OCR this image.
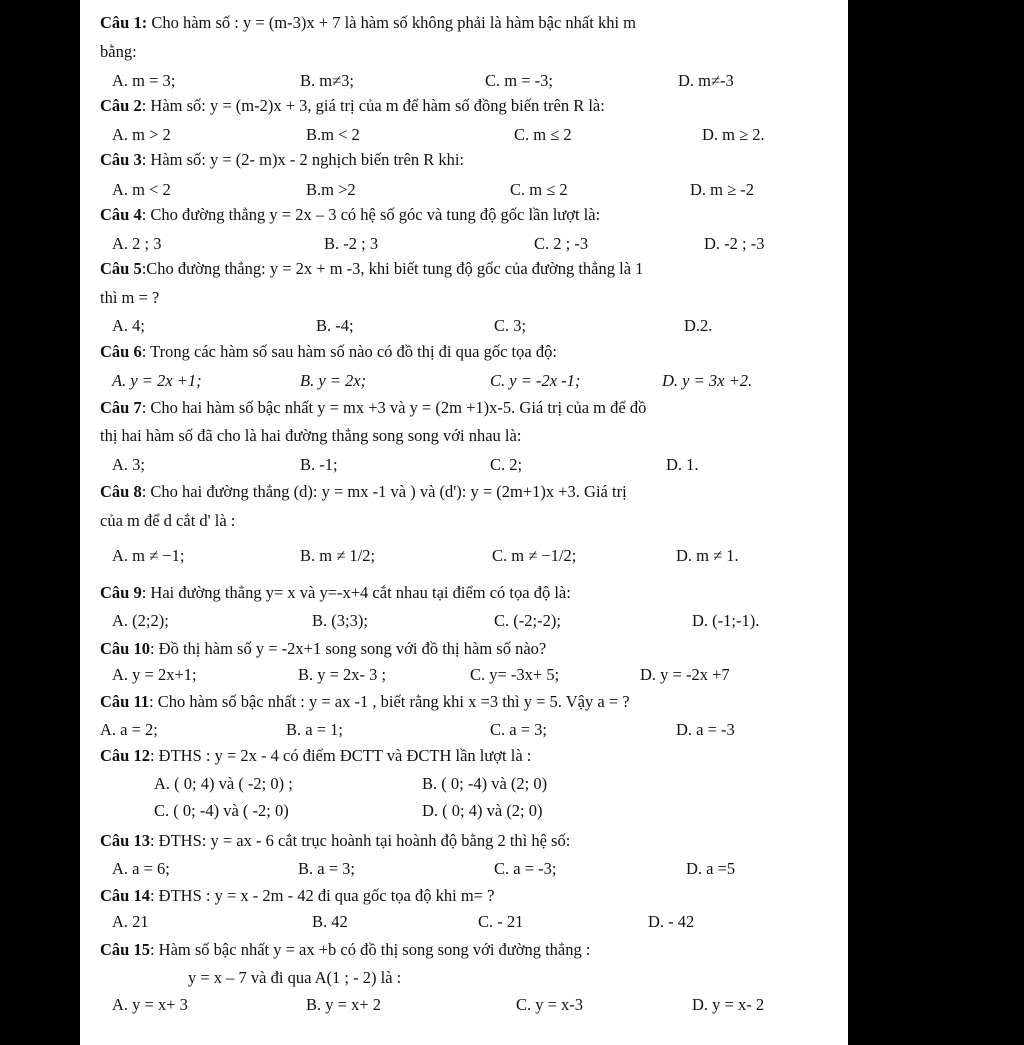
Câu 1: Cho hàm số : y = (m-3)x + 7 là hàm số không phải là hàm bậc nhất khi m
bằng:
A. m = 3;	B. m≠3;	C. m = -3;	D. m≠-3
Câu 2: Hàm số: y = (m-2)x + 3, giá trị của m để hàm số đồng biến trên R là:
A. m > 2	B.m < 2	C. m ≤ 2	D. m ≥ 2.
Câu 3: Hàm số: y = (2- m)x - 2 nghịch biến trên R khi:
A. m < 2	B.m >2	C. m ≤ 2	D. m ≥ -2
Câu 4: Cho đường thẳng y = 2x – 3 có hệ số góc và tung độ gốc lần lượt là:
A. 2 ; 3	B. -2 ; 3	C. 2 ; -3	D. -2 ; -3
Câu 5:Cho đường thẳng: y = 2x + m -3, khi biết tung độ gốc của đường thẳng là 1
thì m = ?
A. 4;	B. -4;	C. 3;	D.2.
Câu 6: Trong các hàm số sau hàm số nào có đồ thị đi qua gốc tọa độ:
A. y = 2x +1;	B. y = 2x;	C. y = -2x -1;	D. y = 3x +2.
Câu 7: Cho hai hàm số bậc nhất y = mx +3 và y = (2m +1)x-5. Giá trị của m để đồ
thị hai hàm số đã cho là hai đường thẳng song song với nhau là:
A. 3;	B. -1;	C. 2;	D. 1.
Câu 8: Cho hai đường thẳng (d): y = mx -1 và ) và (d'): y = (2m+1)x +3. Giá trị
của m để d cắt d' là :
A. m ≠ −1;	B. m ≠ 1/2;	C. m ≠ −1/2;	D. m ≠ 1.
Câu 9: Hai đường thẳng y= x và y=-x+4 cắt nhau tại điểm có tọa độ là:
A. (2;2);	B. (3;3);	C. (-2;-2);	D. (-1;-1).
Câu 10: Đồ thị hàm số y = -2x+1 song song với đồ thị hàm số nào?
A. y = 2x+1;	B. y = 2x- 3 ;	C. y= -3x+ 5;	D. y = -2x +7
Câu 11: Cho hàm số bậc nhất : y = ax -1 , biết rằng khi x =3 thì y = 5. Vậy a = ?
A. a = 2;	B. a = 1;	C. a = 3;	D. a = -3
Câu 12: ĐTHS : y = 2x - 4 có điểm ĐCTT và ĐCTH lần lượt là :
A. ( 0; 4) và ( -2; 0) ;	B. ( 0; -4) và (2; 0)
C. ( 0; -4) và ( -2; 0)	D. ( 0; 4) và (2; 0)
Câu 13: ĐTHS: y = ax - 6 cắt trục hoành tại hoành độ bằng 2 thì hệ số:
A. a = 6;	B. a = 3;	C. a = -3;	D. a =5
Câu 14: ĐTHS : y = x - 2m - 42 đi qua gốc tọa độ khi m= ?
A. 21	B. 42	C. - 21	D. - 42
Câu 15: Hàm số bậc nhất y = ax +b có đồ thị song song với đường thẳng :
y = x – 7 và đi qua A(1 ; - 2) là :
A. y = x+ 3	B. y = x+ 2	C. y = x-3	D. y = x- 2
